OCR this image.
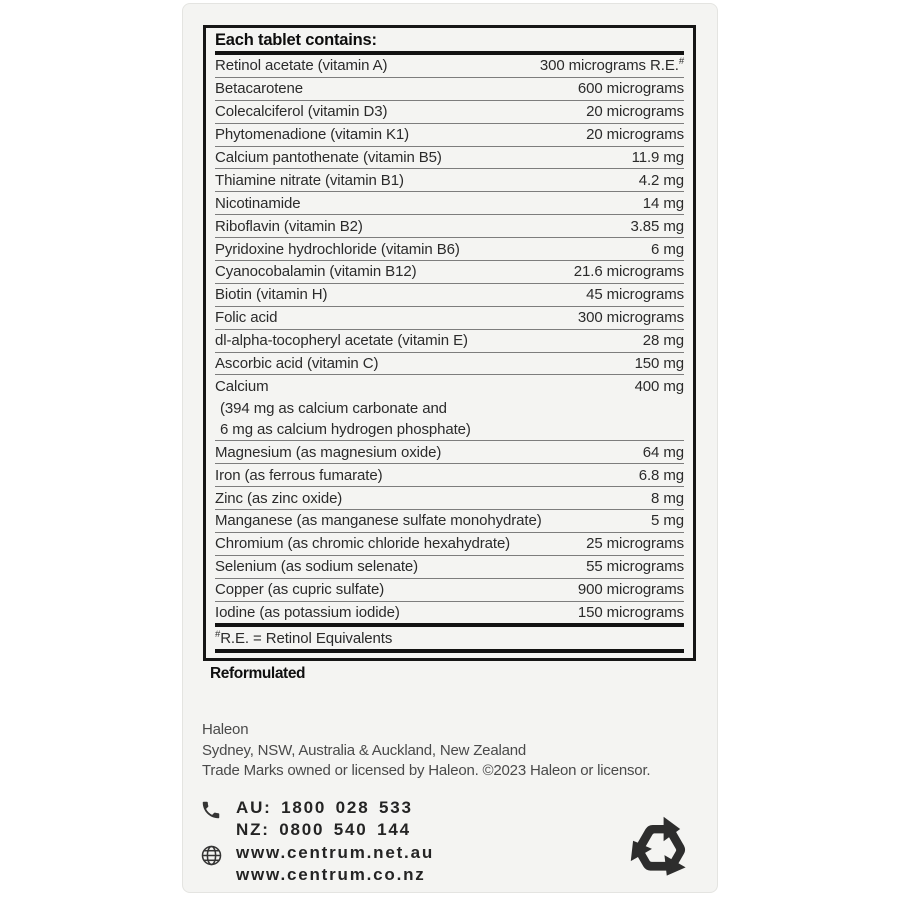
Each tablet contains:
Retinol acetate (vitamin A)	300 micrograms R.E.#
Betacarotene	600 micrograms
Colecalciferol (vitamin D3)	20 micrograms
Phytomenadione (vitamin K1)	20 micrograms
Calcium pantothenate (vitamin B5)	11.9 mg
Thiamine nitrate (vitamin B1)	4.2 mg
Nicotinamide	14 mg
Riboflavin (vitamin B2)	3.85 mg
Pyridoxine hydrochloride (vitamin B6)	6 mg
Cyanocobalamin (vitamin B12)	21.6 micrograms
Biotin (vitamin H)	45 micrograms
Folic acid	300 micrograms
dl-alpha-tocopheryl acetate (vitamin E)	28 mg
Ascorbic acid (vitamin C)	150 mg
Calcium	400 mg
(394 mg as calcium carbonate and
6 mg as calcium hydrogen phosphate)
Magnesium (as magnesium oxide)	64 mg
Iron (as ferrous fumarate)	6.8 mg
Zinc (as zinc oxide)	8 mg
Manganese (as manganese sulfate monohydrate)	5 mg
Chromium (as chromic chloride hexahydrate)	25 micrograms
Selenium (as sodium selenate)	55 micrograms
Copper (as cupric sulfate)	900 micrograms
Iodine (as potassium iodide)	150 micrograms
#R.E. = Retinol Equivalents
Reformulated
Haleon
Sydney, NSW, Australia & Auckland, New Zealand
Trade Marks owned or licensed by Haleon. ©2023 Haleon or licensor.
AU: 1800 028 533
NZ: 0800 540 144
www.centrum.net.au
www.centrum.co.nz
